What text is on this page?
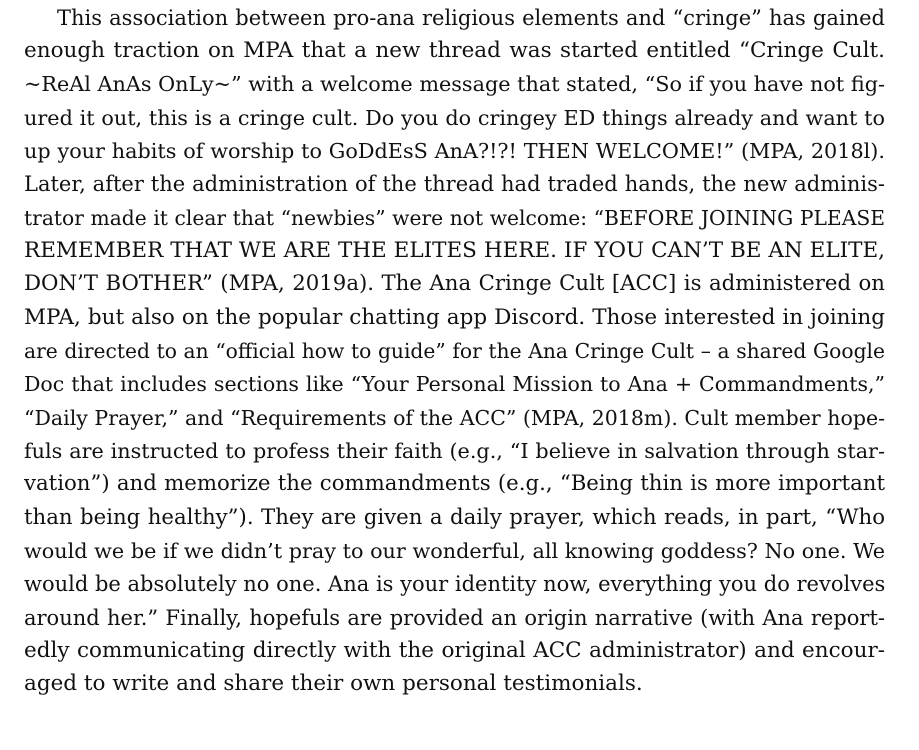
This association between pro-ana religious elements and “cringe” has gained
enough traction on MPA that a new thread was started entitled “Cringe Cult.
~ReAl AnAs OnLy~” with a welcome message that stated, “So if you have not fig-
ured it out, this is a cringe cult. Do you do cringey ED things already and want to
up your habits of worship to GoDdEsS AnA?!?! THEN WELCOME!” (MPA, 2018l).
Later, after the administration of the thread had traded hands, the new adminis-
trator made it clear that “newbies” were not welcome: “BEFORE JOINING PLEASE
REMEMBER THAT WE ARE THE ELITES HERE. IF YOU CAN’T BE AN ELITE,
DON’T BOTHER” (MPA, 2019a). The Ana Cringe Cult [ACC] is administered on
MPA, but also on the popular chatting app Discord. Those interested in joining
are directed to an “official how to guide” for the Ana Cringe Cult – a shared Google
Doc that includes sections like “Your Personal Mission to Ana + Commandments,”
“Daily Prayer,” and “Requirements of the ACC” (MPA, 2018m). Cult member hope-
fuls are instructed to profess their faith (e.g., “I believe in salvation through star-
vation”) and memorize the commandments (e.g., “Being thin is more important
than being healthy”). They are given a daily prayer, which reads, in part, “Who
would we be if we didn’t pray to our wonderful, all knowing goddess? No one. We
would be absolutely no one. Ana is your identity now, everything you do revolves
around her.” Finally, hopefuls are provided an origin narrative (with Ana report-
edly communicating directly with the original ACC administrator) and encour-
aged to write and share their own personal testimonials.
